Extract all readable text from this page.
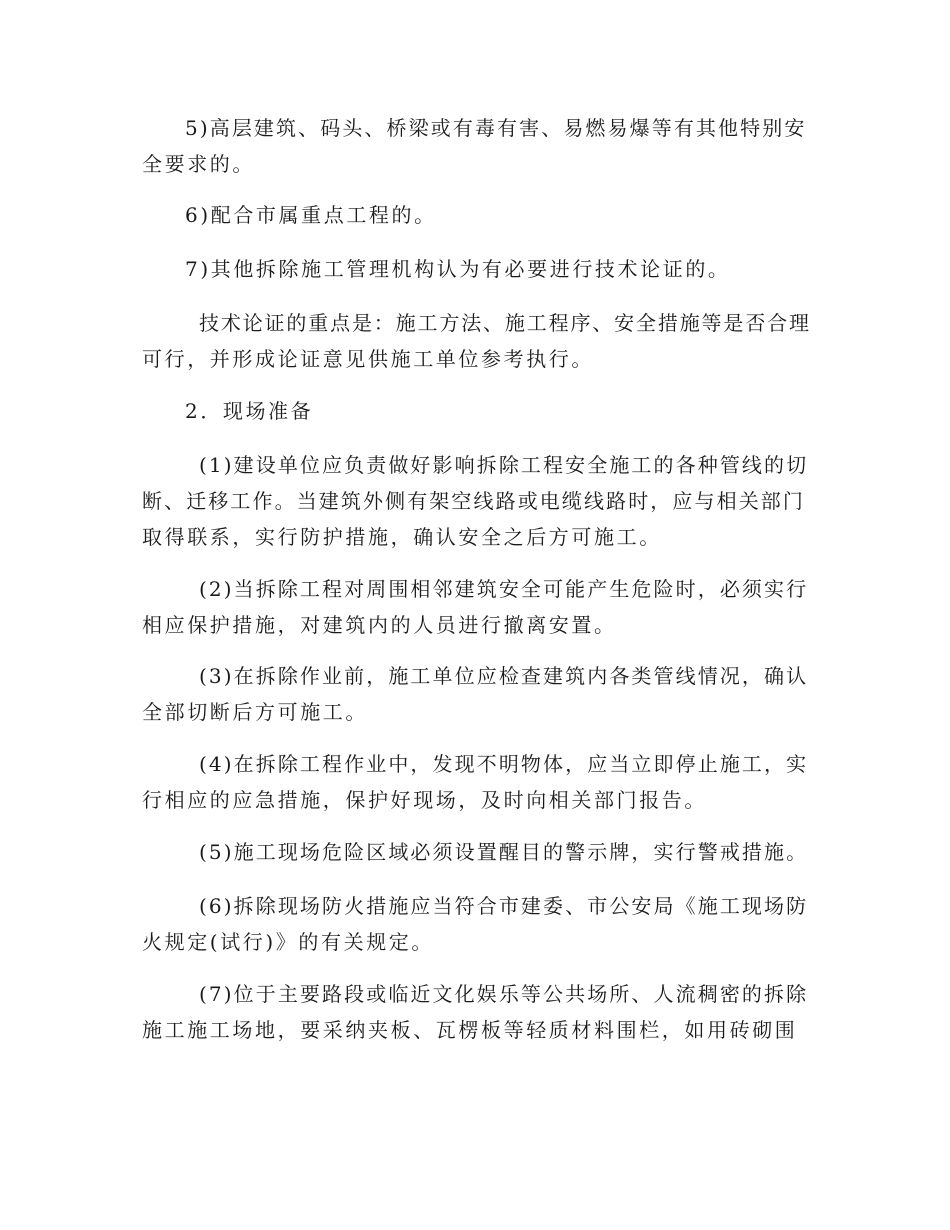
5)高层建筑、码头、桥梁或有毒有害、易燃易爆等有其他特别安

全要求的。

6)配合市属重点工程的。

7)其他拆除施工管理机构认为有必要进行技术论证的。

技术论证的重点是：施工方法、施工程序、安全措施等是否合理

可行，并形成论证意见供施工单位参考执行。

2．现场准备

(1)建设单位应负责做好影响拆除工程安全施工的各种管线的切

断、迁移工作。当建筑外侧有架空线路或电缆线路时，应与相关部门

取得联系，实行防护措施，确认安全之后方可施工。

(2)当拆除工程对周围相邻建筑安全可能产生危险时，必须实行

相应保护措施，对建筑内的人员进行撤离安置。

(3)在拆除作业前，施工单位应检查建筑内各类管线情况，确认

全部切断后方可施工。

(4)在拆除工程作业中，发现不明物体，应当立即停止施工，实

行相应的应急措施，保护好现场，及时向相关部门报告。

(5)施工现场危险区域必须设置醒目的警示牌，实行警戒措施。

(6)拆除现场防火措施应当符合市建委、市公安局《施工现场防

火规定(试行)》的有关规定。

(7)位于主要路段或临近文化娱乐等公共场所、人流稠密的拆除

施工施工场地，要采纳夹板、瓦楞板等轻质材料围栏，如用砖砌围
